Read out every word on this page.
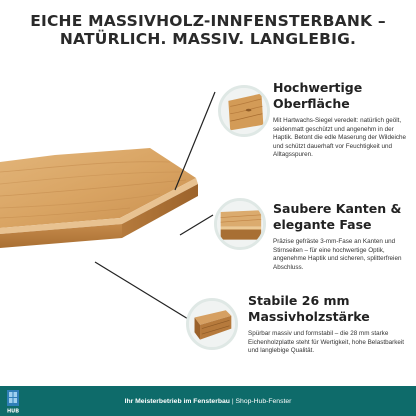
EICHE MASSIVHOLZ-INNFENSTERBANK –
NATÜRLICH. MASSIV. LANGLEBIG.
Hochwertige Oberfläche

Mit Hartwachs-Siegel veredelt: natürlich geölt, seidenmatt geschützt und angenehm in der Haptik. Betont die edle Maserung der Wildeiche und schützt dauerhaft vor Feuchtigkeit und Alltagsspuren.

Saubere Kanten & elegante Fase

Präzise gefräste 3-mm-Fase an Kanten und Stirnseiten – für eine hochwertige Optik, angenehme Haptik und sicheren, splitterfreien Abschluss.

Stabile 26 mm Massivholzstärke

Spürbar massiv und formstabil – die 28 mm starke Eichenholzplatte steht für Wertigkeit, hohe Belastbarkeit und langlebige Qualität.

Ihr Meisterbetrieb im Fensterbau | Shop-Hub-Fenster
HUB
